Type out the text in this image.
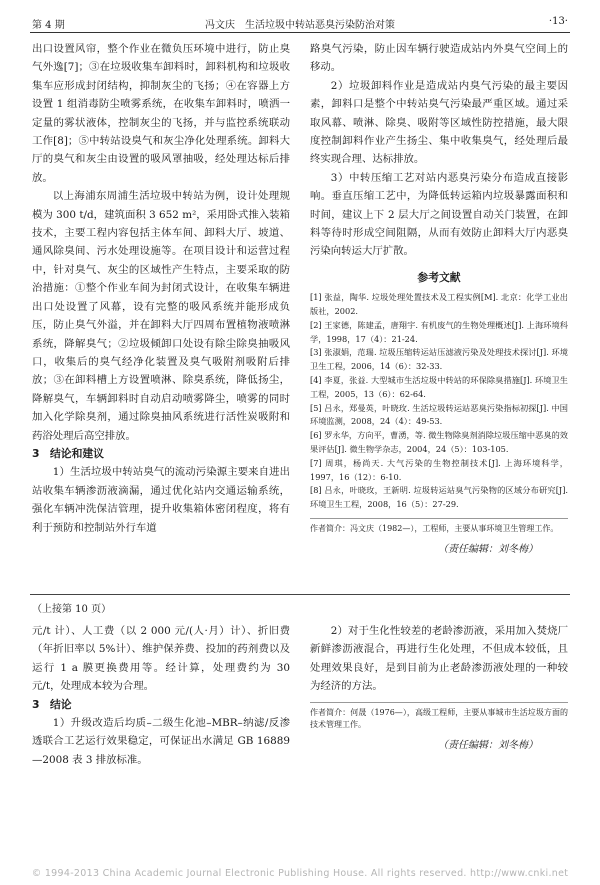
第 4 期	冯文庆　生活垃圾中转站恶臭污染防治对策	·13·

出口设置风帘，整个作业在微负压环境中进行，防止臭气外逸[7]；③在垃圾收集车卸料时，卸料机构和垃圾收集车应形成封闭结构，抑制灰尘的飞扬；④在容器上方设置 1 组消毒防尘喷雾系统，在收集车卸料时，喷洒一定量的雾状液体，控制灰尘的飞扬，并与监控系统联动工作[8]；⑤中转站设臭气和灰尘净化处理系统。卸料大厅的臭气和灰尘由设置的吸风罩抽吸，经处理达标后排放。

以上海浦东周浦生活垃圾中转站为例，设计处理规模为 300 t/d，建筑面积 3 652 m²，采用卧式推入装箱技术，主要工程内容包括主体车间、卸料大厅、坡道、通风除臭间、污水处理设施等。在项目设计和运营过程中，针对臭气、灰尘的区域性产生特点，主要采取的防治措施：①整个作业车间为封闭式设计，在收集车辆进出口处设置了风幕，设有完整的吸风系统并能形成负压，防止臭气外溢，并在卸料大厅四周布置植物液喷淋系统，降解臭气；②垃圾倾卸口处设有除尘除臭抽吸风口，收集后的臭气经净化装置及臭气吸附剂吸附后排放；③在卸料槽上方设置喷淋、除臭系统，降低扬尘，降解臭气，车辆卸料时自动启动喷雾降尘，喷雾的同时加入化学除臭剂，通过除臭抽风系统进行活性炭吸附和药浴处理后高空排放。

3 结论和建议

1）生活垃圾中转站臭气的流动污染源主要来自进出站收集车辆渗沥液滴漏，通过优化站内交通运输系统，强化车辆冲洗保洁管理，提升收集箱体密闭程度，将有利于预防和控制站外行车道

路臭气污染，防止因车辆行驶造成站内外臭气空间上的移动。

2）垃圾卸料作业是造成站内臭气污染的最主要因素，卸料口是整个中转站臭气污染最严重区域。通过采取风幕、喷淋、除臭、吸附等区域性防控措施，最大限度控制卸料作业产生扬尘、集中收集臭气，经处理后最终实现合理、达标排放。

3）中转压缩工艺对站内恶臭污染分布造成直接影响。垂直压缩工艺中，为降低转运箱内垃圾暴露面积和时间，建议上下 2 层大厅之间设置自动关门装置，在卸料等待时形成空间阻隔，从而有效防止卸料大厅内恶臭污染向转运大厅扩散。

参考文献
[1] 张益，陶华. 垃圾处理处置技术及工程实例[M]. 北京：化学工业出版社，2002.
[2] 王家德，陈建孟，唐翔宇. 有机废气的生物处理概述[J]. 上海环境科学，1998，17（4）：21-24.
[3] 张淑娟，范瑞. 垃圾压缩转运站压滤液污染及处理技术探讨[J]. 环境卫生工程，2006，14（6）：32-33.
[4] 李夏，张益. 大型城市生活垃圾中转站的环保除臭措施[J]. 环境卫生工程，2005，13（6）：62-64.
[5] 吕永，郑曼英，叶晓玫. 生活垃圾转运站恶臭污染指标初探[J]. 中国环境监测，2008，24（4）：49-53.
[6] 罗永华，方向平，曹湧，等. 微生物除臭剂消除垃圾压缩中恶臭的效果评估[J]. 微生物学杂志，2004，24（5）：103-105.
[7] 周琪，杨尚天. 大气污染的生物控制技术[J]. 上海环境科学，1997，16（12）：6-10.
[8] 吕永，叶晓玫，王新明. 垃圾转运站臭气污染物的区域分布研究[J]. 环境卫生工程，2008，16（5）：27-29.
作者简介：冯文庆（1982—），工程师，主要从事环境卫生管理工作。
（责任编辑：刘冬梅）
（上接第 10 页）

元/t 计）、人工费（以 2 000 元/(人·月）计）、折旧费（年折旧率以 5%计）、维护保养费、投加的药剂费以及运行 1 a 膜更换费用等。经计算，处理费约为 30 元/t，处理成本较为合理。

3 结论

1）升级改造后均质–二级生化池–MBR–纳滤/反渗透联合工艺运行效果稳定，可保证出水满足 GB 16889—2008 表 3 排放标准。

2）对于生化性较差的老龄渗沥液，采用加入焚烧厂新鲜渗沥液混合，再进行生化处理，不但成本较低，且处理效果良好，是到目前为止老龄渗沥液处理的一种较为经济的方法。

作者简介：何晟（1976—），高级工程师，主要从事城市生活垃圾方面的技术管理工作。
（责任编辑：刘冬梅）
© 1994-2013 China Academic Journal Electronic Publishing House. All rights reserved. http://www.cnki.net
